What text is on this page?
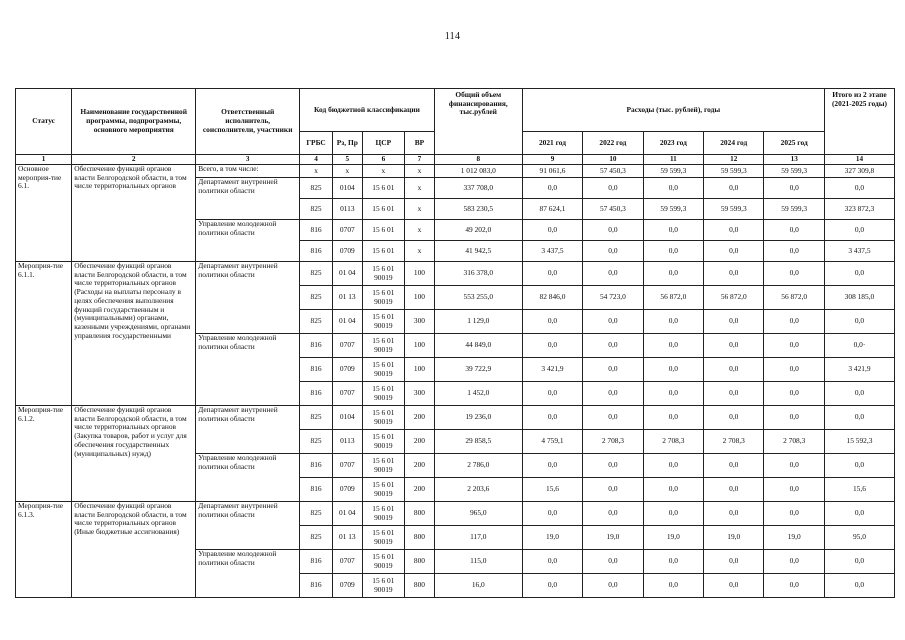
114
Статус	Наименование государственной программы, подпрограммы, основного мероприятия	Ответственный исполнитель, соисполнители, участники	Код бюджетной классификации				Общий объем финансирования, тыс.рублей	Расходы (тыс. рублей), годы					Итого из 2 этапе (2021-2025 годы)
			ГРБС	Рз, Пр	ЦСР	ВР		2021 год	2022 год	2023 год	2024 год	2025 год	
1	2	3	4	5	6	7	8	9	10	11	12	13	14
Основное мероприя-тие 6.1.	Обеспечение функций органов власти Белгородской области, в том числе территориальных органов	Всего, в том числе:	x	x	x	x	1 012 083,0	91 061,6	57 450,3	59 599,3	59 599,3	59 599,3	327 309,8
		Департамент внутренней политики области	825	0104	15 6 01	x	337 708,0	0,0	0,0	0,0	0,0	0,0	0,0
			825	0113	15 6 01	x	583 230,5	87 624,1	57 450,3	59 599,3	59 599,3	59 599,3	323 872,3
		Управление молодежной политики области	816	0707	15 6 01	x	49 202,0	0,0	0,0	0,0	0,0	0,0	0,0
			816	0709	15 6 01	x	41 942,5	3 437,5	0,0	0,0	0,0	0,0	3 437,5
Мероприя-тие 6.1.1.	Обеспечение функций органов власти Белгородской области, в том числе территориальных органов (Расходы на выплаты персоналу в целях обеспечения выполнения функций государственным и (муниципальными) органами, казенными учреждениями, органами управления государственными	Департамент внутренней политики области	825	01 04	15 6 01 90019	100	316 378,0	0,0	0,0	0,0	0,0	0,0	0,0
			825	01 13	15 6 01 90019	100	553 255,0	82 846,0	54 723,0	56 872,0	56 872,0	56 872,0	308 185,0
			825	01 04	15 6 01 90019	300	1 129,0	0,0	0,0	0,0	0,0	0,0	0,0
		Управление молодежной политики области	816	0707	15 6 01 90019	100	44 849,0	0,0	0,0	0,0	0,0	0,0	0,0·
			816	0709	15 6 01 90019	100	39 722,9	3 421,9	0,0	0,0	0,0	0,0	3 421,9
			816	0707	15 6 01 90019	300	1 452,0	0,0	0,0	0,0	0,0	0,0	0,0
Мероприя-тие 6.1.2.	Обеспечение функций органов власти Белгородской области, в том числе территориальных органов (Закупка товаров, работ и услуг для обеспечения государственных (муниципальных) нужд)	Департамент внутренней политики области	825	0104	15 6 01 90019	200	19 236,0	0,0	0,0	0,0	0,0	0,0	0,0
			825	0113	15 6 01 90019	200	29 858,5	4 759,1	2 708,3	2 708,3	2 708,3	2 708,3	15 592,3
		Управление молодежной политики области	816	0707	15 6 01 90019	200	2 786,0	0,0	0,0	0,0	0,0	0,0	0,0
			816	0709	15 6 01 90019	200	2 203,6	15,6	0,0	0,0	0,0	0,0	15,6
Мероприя-тие 6.1.3.	Обеспечение функций органов власти Белгородской области, в том числе территориальных органов (Иные бюджетные ассигнования)	Департамент внутренней политики области	825	01 04	15 6 01 90019	800	965,0	0,0	0,0	0,0	0,0	0,0	0,0
			825	01 13	15 6 01 90019	800	117,0	19,0	19,0	19,0	19,0	19,0	95,0
		Управление молодежной политики области	816	0707	15 6 01 90019	800	115,0	0,0	0,0	0,0	0,0	0,0	0,0
			816	0709	15 6 01 90019	800	16,0	0,0	0,0	0,0	0,0	0,0	0,0
